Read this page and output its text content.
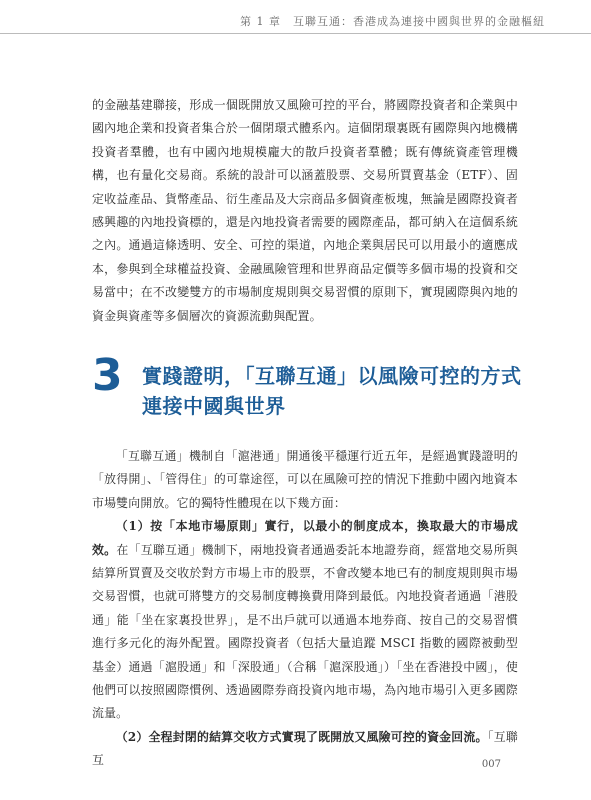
第 1 章　互聯互通：香港成為連接中國與世界的金融樞紐

的金融基建聯接，形成一個既開放又風險可控的平台，將國際投資者和企業與中國內地企業和投資者集合於一個閉環式體系內。這個閉環裏既有國際與內地機構投資者羣體，也有中國內地規模龐大的散戶投資者羣體；既有傳統資產管理機構，也有量化交易商。系統的設計可以涵蓋股票、交易所買賣基金（ETF）、固定收益產品、貨幣產品、衍生產品及大宗商品多個資產板塊，無論是國際投資者感興趣的內地投資標的，還是內地投資者需要的國際產品，都可納入在這個系統之內。通過這條透明、安全、可控的渠道，內地企業與居民可以用最小的適應成本，參與到全球權益投資、金融風險管理和世界商品定價等多個市場的投資和交易當中；在不改變雙方的市場制度規則與交易習慣的原則下，實現國際與內地的資金與資產等多個層次的資源流動與配置。

3 實踐證明，「互聯互通」以風險可控的方式連接中國與世界

「互聯互通」機制自「滬港通」開通後平穩運行近五年，是經過實踐證明的「放得開」、「管得住」的可靠途徑，可以在風險可控的情況下推動中國內地資本市場雙向開放。它的獨特性體現在以下幾方面：

（1）按「本地市場原則」實行，以最小的制度成本，換取最大的市場成效。在「互聯互通」機制下，兩地投資者通過委託本地證券商，經當地交易所與結算所買賣及交收於對方市場上市的股票，不會改變本地已有的制度規則與市場交易習慣，也就可將雙方的交易制度轉換費用降到最低。內地投資者通過「港股通」能「坐在家裏投世界」，是不出戶就可以通過本地券商、按自己的交易習慣進行多元化的海外配置。國際投資者（包括大量追蹤 MSCI 指數的國際被動型基金）通過「滬股通」和「深股通」（合稱「滬深股通」）「坐在香港投中國」，使他們可以按照國際慣例、透過國際券商投資內地市場，為內地市場引入更多國際流量。

（2）全程封閉的結算交收方式實現了既開放又風險可控的資金回流。「互聯互	007
